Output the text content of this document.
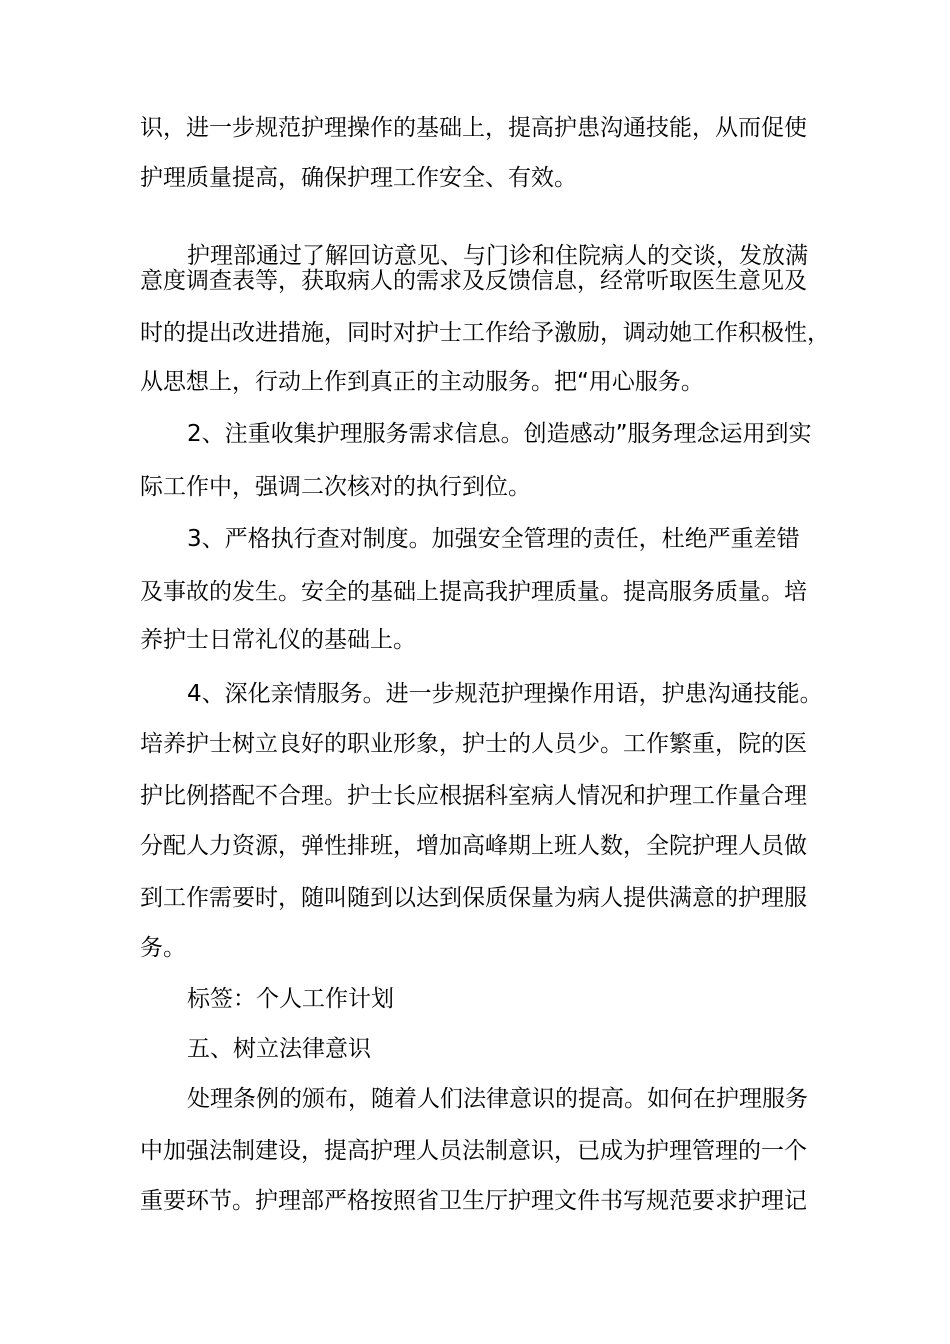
识，进一步规范护理操作的基础上，提高护患沟通技能，从而促使
护理质量提高，确保护理工作安全、有效。
护理部通过了解回访意见、与门诊和住院病人的交谈，发放满
意度调查表等，获取病人的需求及反馈信息，经常听取医生意见及
时的提出改进措施，同时对护士工作给予激励，调动她工作积极性，
从思想上，行动上作到真正的主动服务。把“用心服务。
2、注重收集护理服务需求信息。创造感动”服务理念运用到实
际工作中，强调二次核对的执行到位。
3、严格执行查对制度。加强安全管理的责任，杜绝严重差错
及事故的发生。安全的基础上提高我护理质量。提高服务质量。培
养护士日常礼仪的基础上。
4、深化亲情服务。进一步规范护理操作用语，护患沟通技能。
培养护士树立良好的职业形象，护士的人员少。工作繁重，院的医
护比例搭配不合理。护士长应根据科室病人情况和护理工作量合理
分配人力资源，弹性排班，增加高峰期上班人数，全院护理人员做
到工作需要时，随叫随到以达到保质保量为病人提供满意的护理服
务。
标签：个人工作计划
五、树立法律意识
处理条例的颁布，随着人们法律意识的提高。如何在护理服务
中加强法制建设，提高护理人员法制意识，已成为护理管理的一个
重要环节。护理部严格按照省卫生厅护理文件书写规范要求护理记
